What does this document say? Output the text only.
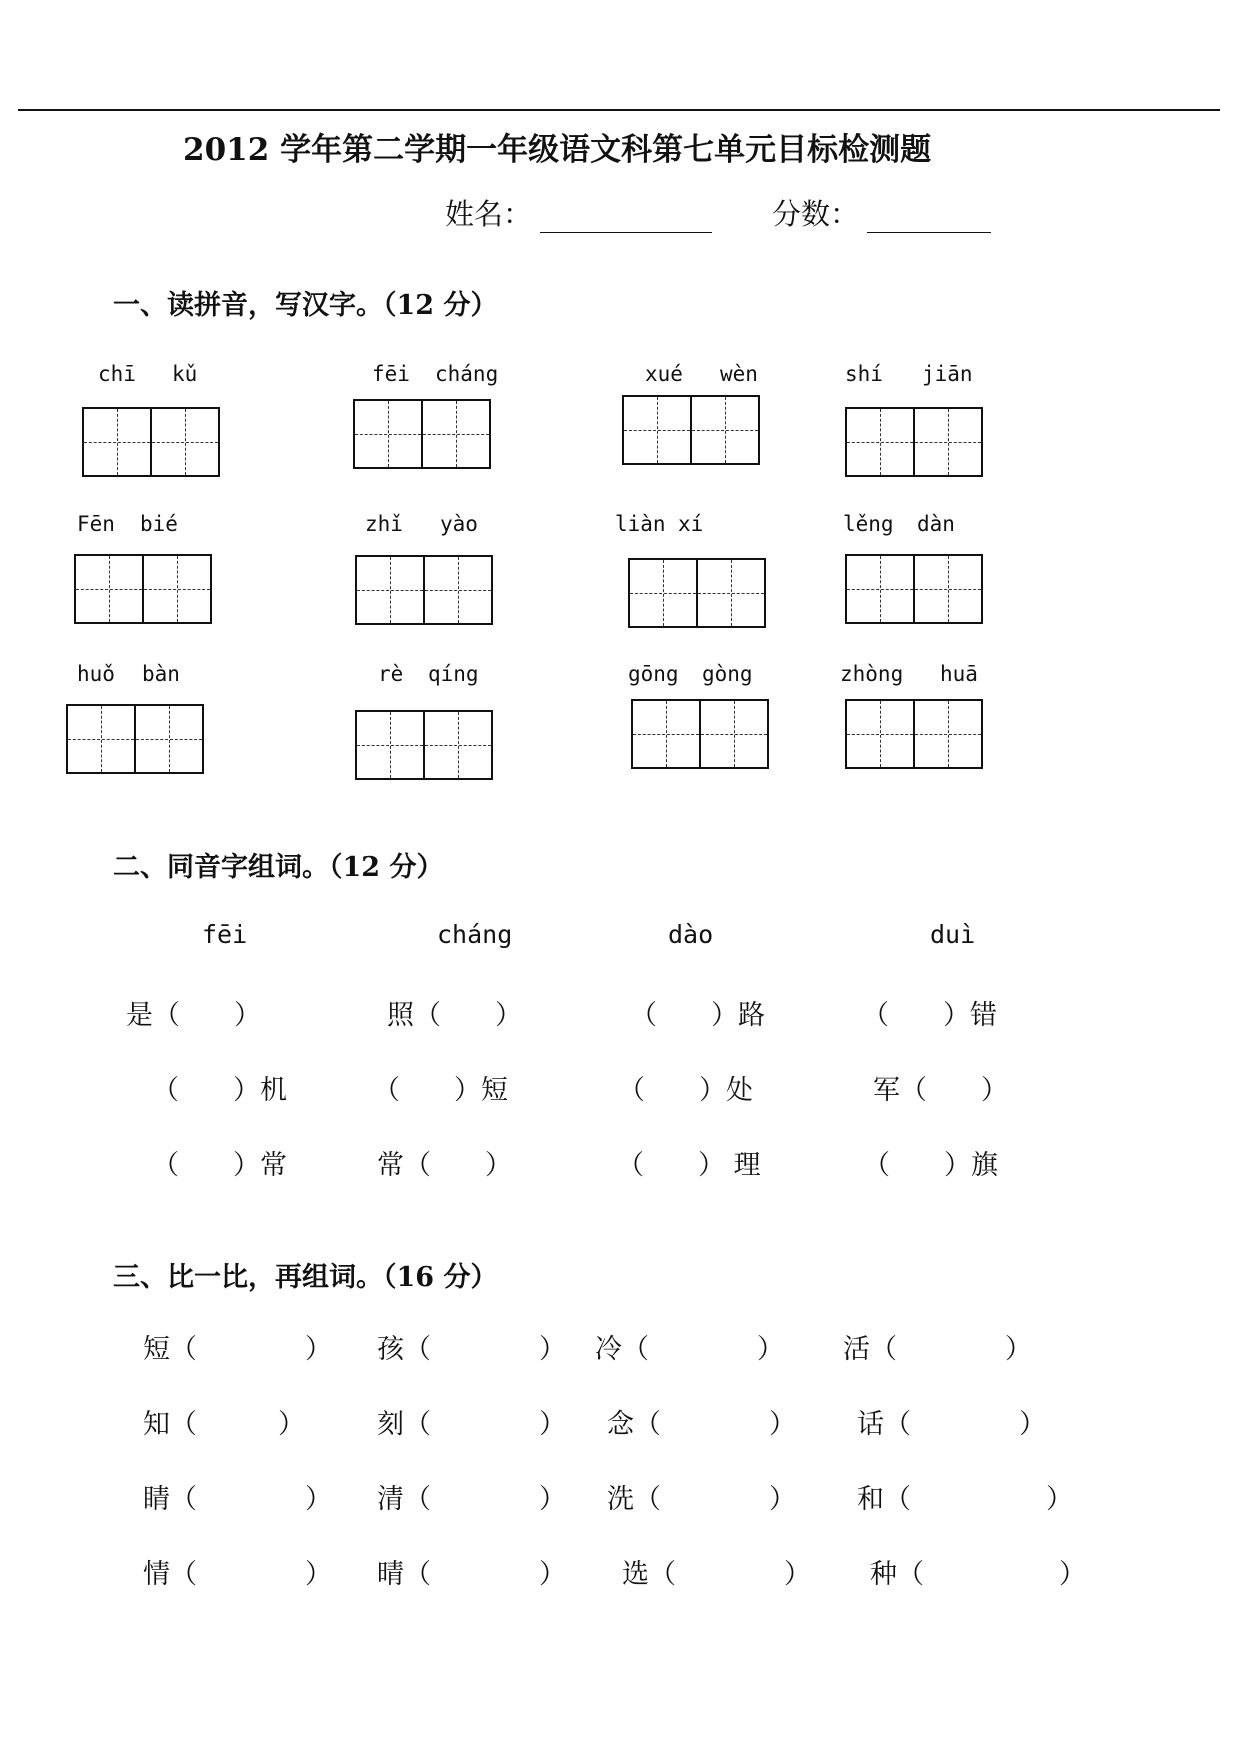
2012 学年第二学期一年级语文科第七单元目标检测题
姓名：	分数：
一、读拼音，写汉字。（12 分）
chī kǔ	fēi cháng	xué wèn	shí jiān
Fēn bié	zhǐ yào	liàn xí	lěng dàn
huǒ bàn	rè qíng	gōng gòng	zhòng huā
二、同音字组词。（12 分）
fēi	cháng	dào	duì
是（　　）	照（　　）	（　　）路	（　　）错
（　　）机	（　　）短	（　　）处	军（　　）
（　　）常	常（　　）	（　　） 理	（　　）旗
三、比一比，再组词。（16 分）
短（　　　　） 孩（　　　　） 冷（　　　　） 活（　　　　）
知（　　　）	刻（　　　　） 念（　　　　） 话（　　　　）
睛（　　　　） 清（　　　　） 洗（　　　　） 和（　　　　　）
情（　　　　） 晴（　　　　） 选（　　　　） 种（　　　　　）
